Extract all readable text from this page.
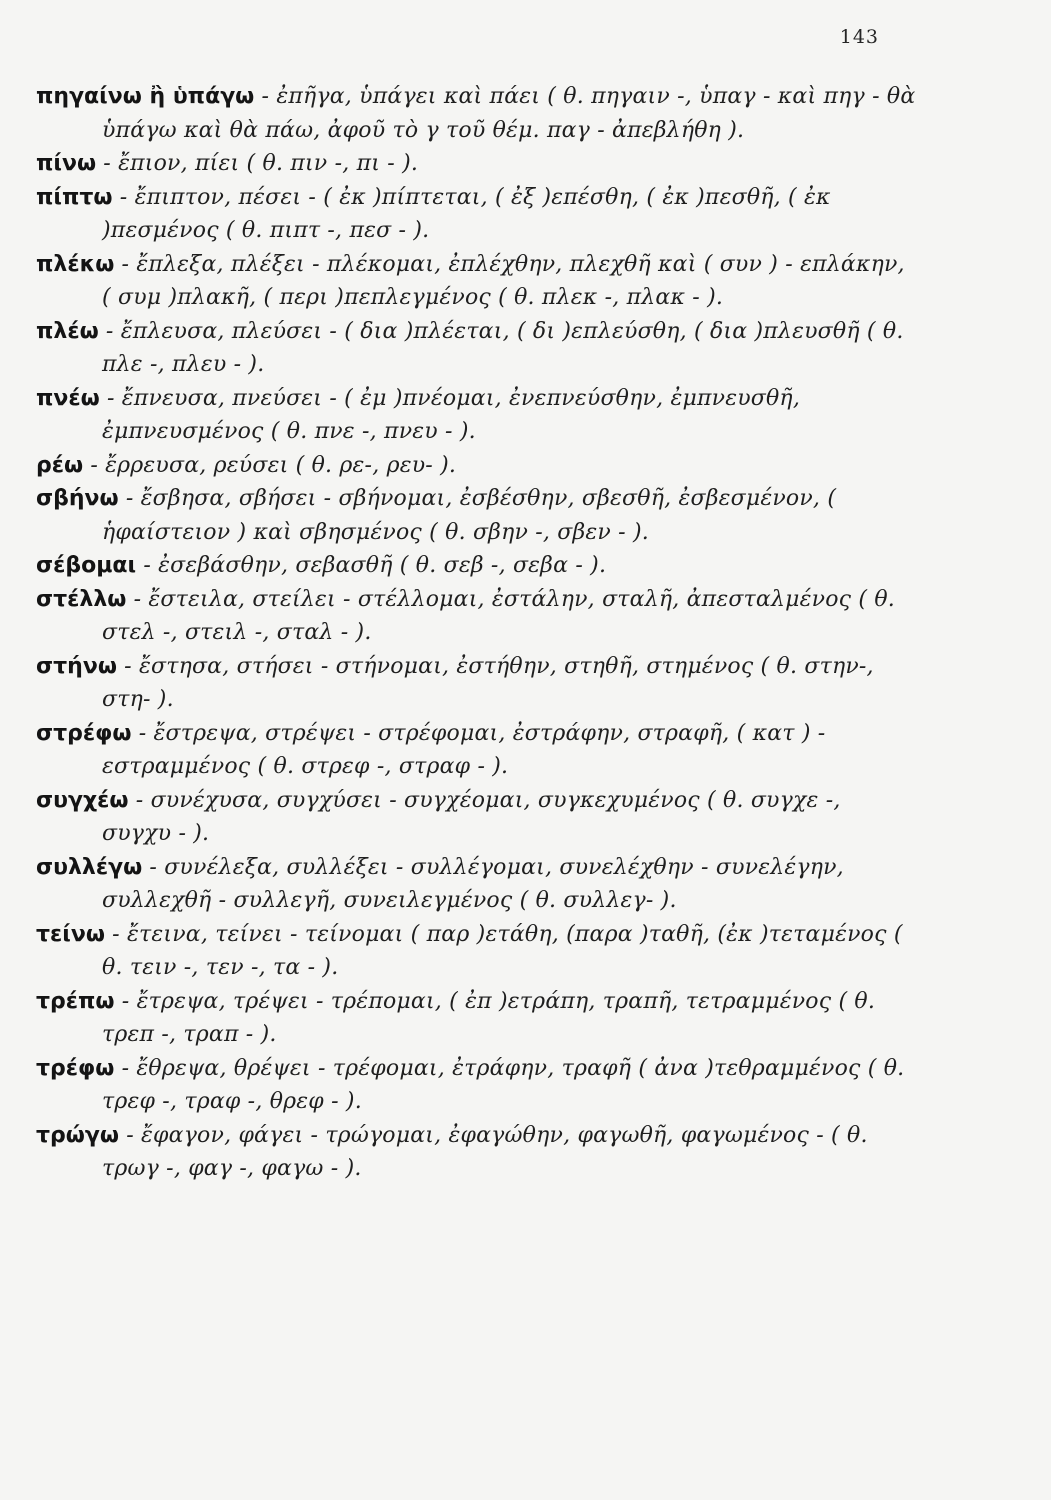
143

πηγαίνω ἢ ὑπάγω - ἐπῆγα, ὑπάγει καὶ πάει ( θ. πηγαιν -, ὑπαγ - καὶ πηγ - θὰ ὑπάγω καὶ θὰ πάω, ἀφοῦ τὸ γ τοῦ θέμ. παγ - ἀπεβλήθη ).

πίνω - ἔπιον, πίει ( θ. πιν -, πι - ).

πίπτω - ἔπιπτον, πέσει - ( ἐκ )πίπτεται, ( ἐξ )επέσθη, ( ἐκ )πεσθῆ, ( ἐκ )πεσμένος ( θ. πιπτ -, πεσ - ).

πλέκω - ἔπλεξα, πλέξει - πλέκομαι, ἐπλέχθην, πλεχθῆ καὶ ( συν ) - επλάκην, ( συμ )πλακῆ, ( περι )πεπλεγμένος ( θ. πλεκ -, πλακ - ).

πλέω - ἔπλευσα, πλεύσει - ( δια )πλέεται, ( δι )επλεύσθη, ( δια )πλευσθῆ ( θ. πλε -, πλευ - ).

πνέω - ἔπνευσα, πνεύσει - ( ἐμ )πνέομαι, ἐνεπνεύσθην, ἐμπνευσθῆ, ἐμπνευσμένος ( θ. πνε -, πνευ - ).

ρέω - ἔρρευσα, ρεύσει ( θ. ρε-, ρευ- ).

σβήνω - ἔσβησα, σβήσει - σβήνομαι, ἐσβέσθην, σβεσθῆ, ἐσβεσμένον, ( ἡφαίστειον ) καὶ σβησμένος ( θ. σβην -, σβεν - ).

σέβομαι - ἐσεβάσθην, σεβασθῆ ( θ. σεβ -, σεβα - ).

στέλλω - ἔστειλα, στείλει - στέλλομαι, ἐστάλην, σταλῆ, ἀπεσταλμένος ( θ. στελ -, στειλ -, σταλ - ).

στήνω - ἔστησα, στήσει - στήνομαι, ἐστήθην, στηθῆ, στημένος ( θ. στην-, στη- ).

στρέφω - ἔστρεψα, στρέψει - στρέφομαι, ἐστράφην, στραφῆ, ( κατ ) - εστραμμένος ( θ. στρεφ -, στραφ - ).

συγχέω - συνέχυσα, συγχύσει - συγχέομαι, συγκεχυμένος ( θ. συγχε -, συγχυ - ).

συλλέγω - συνέλεξα, συλλέξει - συλλέγομαι, συνελέχθην - συνελέγην, συλλεχθῆ - συλλεγῆ, συνειλεγμένος ( θ. συλλεγ- ).

τείνω - ἔτεινα, τείνει - τείνομαι ( παρ )ετάθη, (παρα )ταθῆ, (ἐκ )τεταμένος ( θ. τειν -, τεν -, τα - ).

τρέπω - ἔτρεψα, τρέψει - τρέπομαι, ( ἐπ )ετράπη, τραπῆ, τετραμμένος ( θ. τρεπ -, τραπ - ).

τρέφω - ἔθρεψα, θρέψει - τρέφομαι, ἐτράφην, τραφῆ ( ἀνα )τεθραμμένος ( θ. τρεφ -, τραφ -, θρεφ - ).

τρώγω - ἔφαγον, φάγει - τρώγομαι, ἐφαγώθην, φαγωθῆ, φαγωμένος - ( θ. τρωγ -, φαγ -, φαγω - ).
